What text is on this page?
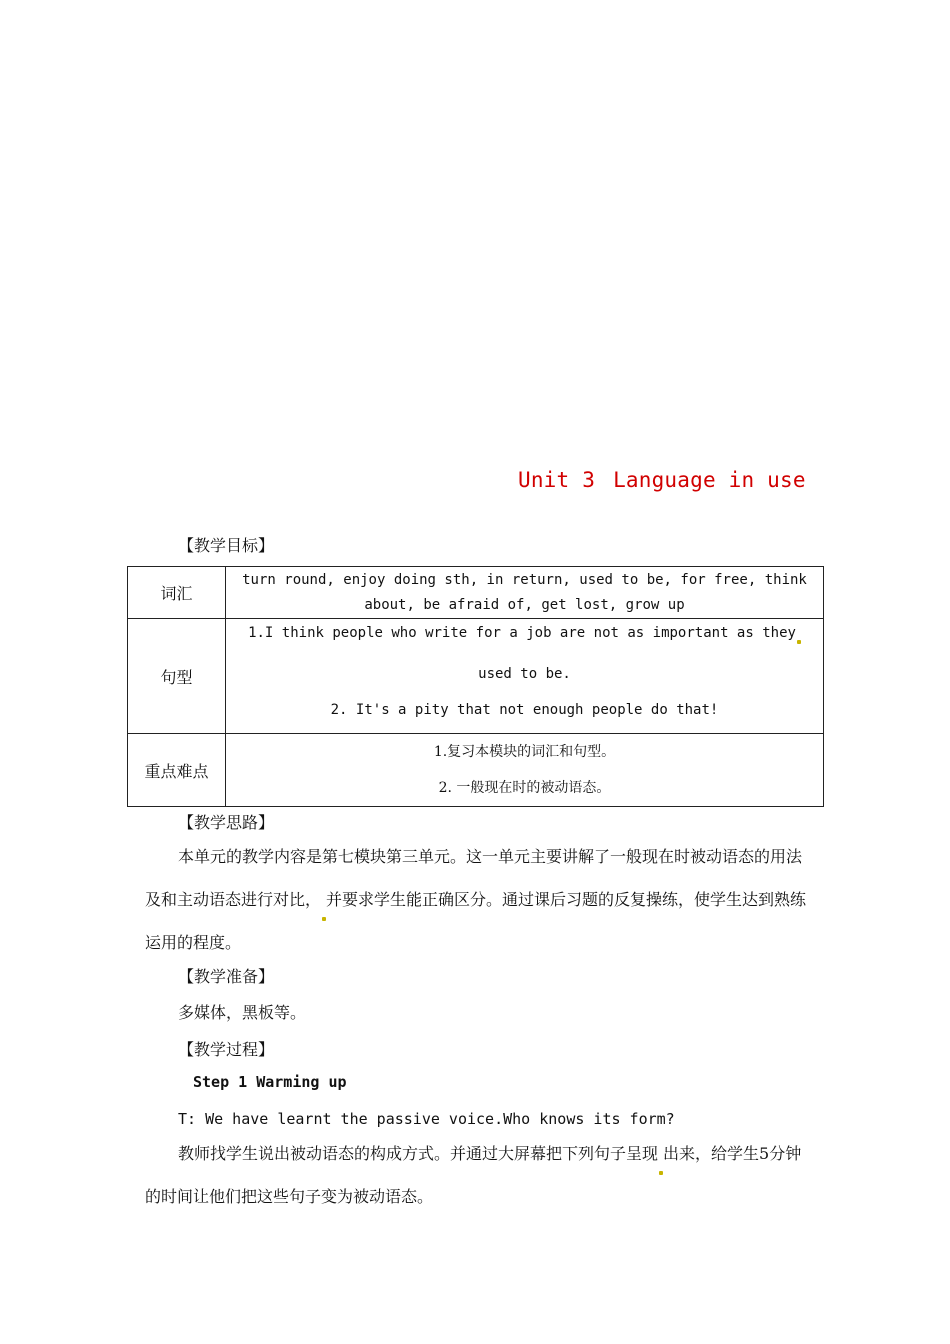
Unit 3 Language in use
【教学目标】
词汇	turn round, enjoy doing sth, in return, used to be, for free, think
about, be afraid of, get lost, grow up

句型	1.I think people who write for a job are not as important as they
used to be.
2. It's a pity that not enough people do that!

重点难点	1.复习本模块的词汇和句型。
2. 一般现在时的被动语态。
【教学思路】
本单元的教学内容是第七模块第三单元。这一单元主要讲解了一般现在时被动语态的用法及和主动语态进行对比， 并要求学生能正确区分。通过课后习题的反复操练，使学生达到熟练运用的程度。
【教学准备】
多媒体，黑板等。
【教学过程】
Step 1 Warming up
T: We have learnt the passive voice.Who knows its form?
教师找学生说出被动语态的构成方式。并通过大屏幕把下列句子呈现 出来，给学生5分钟的时间让他们把这些句子变为被动语态。
